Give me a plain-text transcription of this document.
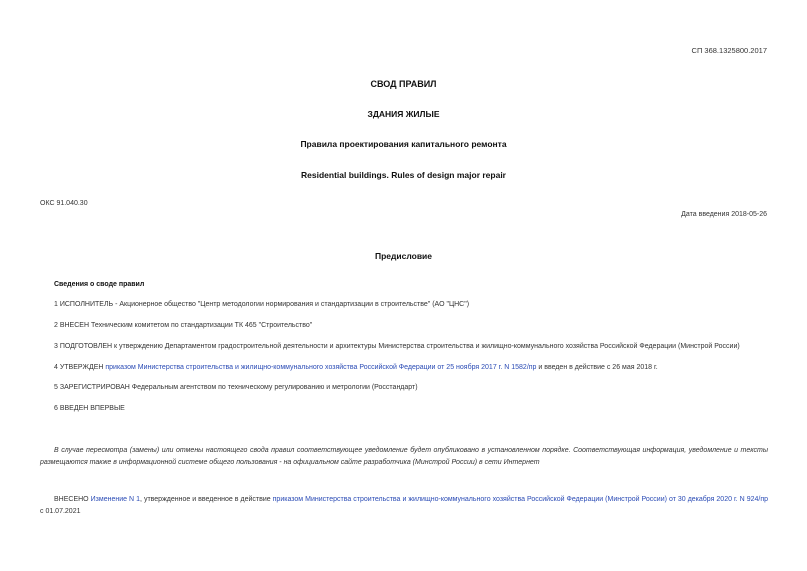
СП 368.1325800.2017
СВОД ПРАВИЛ
ЗДАНИЯ ЖИЛЫЕ
Правила проектирования капитального ремонта
Residential buildings. Rules of design major repair
ОКС 91.040.30
Дата введения 2018-05-26
Предисловие
Сведения о своде правил
1 ИСПОЛНИТЕЛЬ - Акционерное общество "Центр методологии нормирования и стандартизации в строительстве" (АО "ЦНС")
2 ВНЕСЕН Техническим комитетом по стандартизации ТК 465 "Строительство"
3 ПОДГОТОВЛЕН к утверждению Департаментом градостроительной деятельности и архитектуры Министерства строительства и жилищно-коммунального хозяйства Российской Федерации (Минстрой России)
4 УТВЕРЖДЕН приказом Министерства строительства и жилищно-коммунального хозяйства Российской Федерации от 25 ноября 2017 г. N 1582/пр и введен в действие с 26 мая 2018 г.
5 ЗАРЕГИСТРИРОВАН Федеральным агентством по техническому регулированию и метрологии (Росстандарт)
6 ВВЕДЕН ВПЕРВЫЕ
В случае пересмотра (замены) или отмены настоящего свода правил соответствующее уведомление будет опубликовано в установленном порядке. Соответствующая информация, уведомление и тексты размещаются также в информационной системе общего пользования - на официальном сайте разработчика (Минстрой России) в сети Интернет
ВНЕСЕНО Изменение N 1, утвержденное и введенное в действие приказом Министерства строительства и жилищно-коммунального хозяйства Российской Федерации (Минстрой России) от 30 декабря 2020 г. N 924/пр с 01.07.2021
